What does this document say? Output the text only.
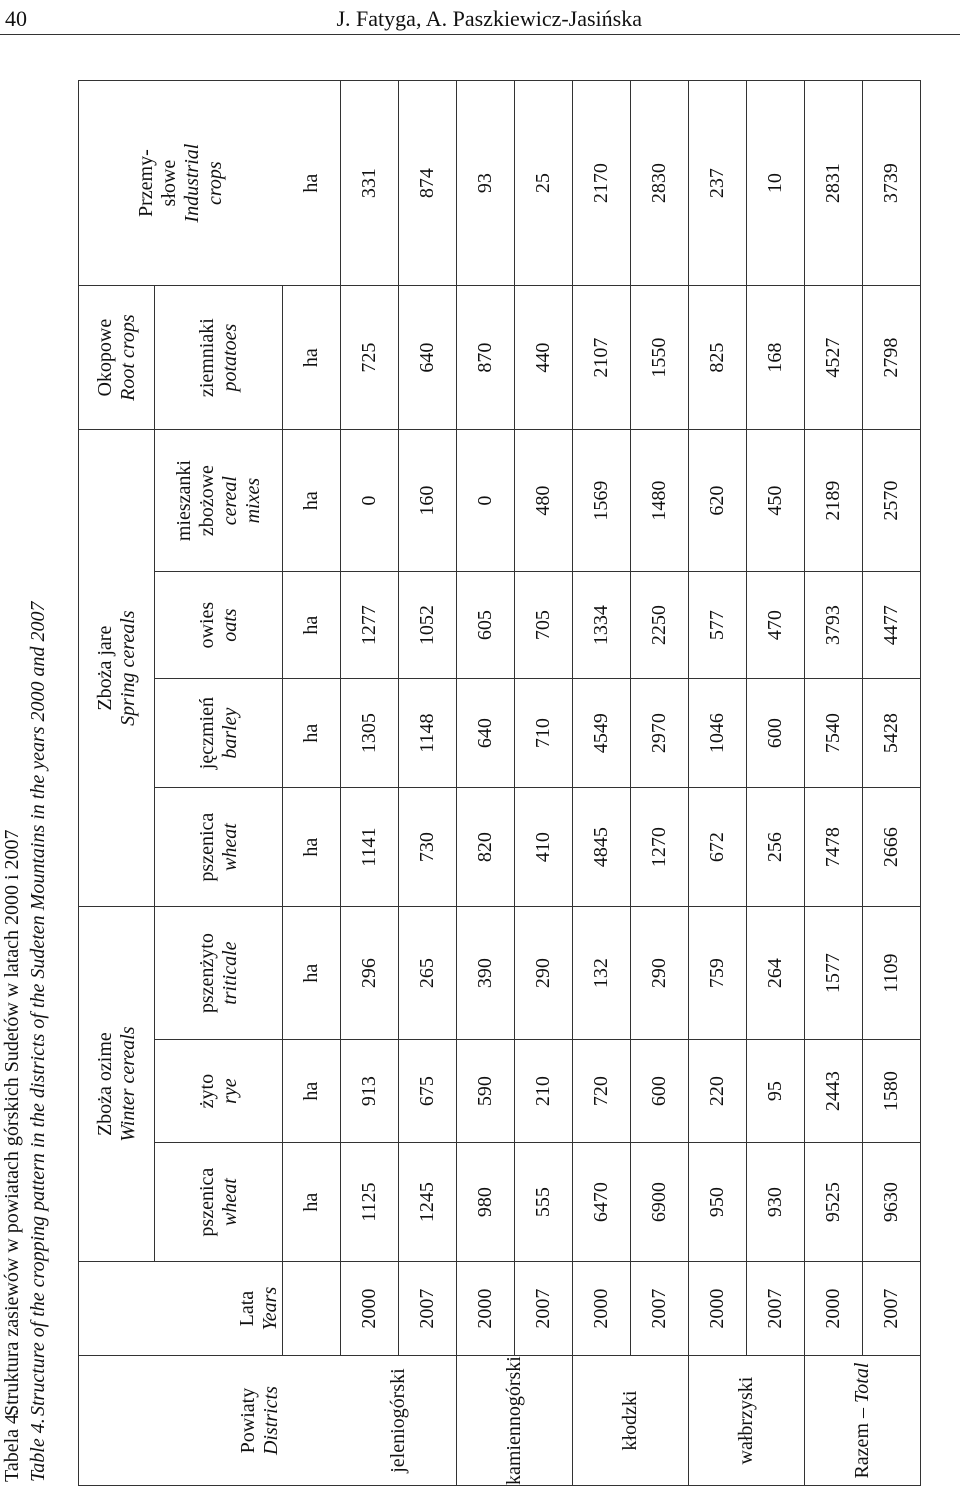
40	J. Fatyga, A. Paszkiewicz-Jasińska
Tabela 4.Struktura zasiewów w powiatach górskich Sudetów w latach 2000 i 2007
Table 4.Structure of the cropping pattern in the districts of the Sudeten Mountains in the years 2000 and 2007
Powiaty Districts	Lata Years	Zboża ozime Winter cereals			Zboża jare Spring cereals				Okopowe Root crops	Przemy- słowe Industrial crops

		pszenica wheat	żyto rye	pszenżyto triticale	pszenica wheat	jęczmień barley	owies oats	mieszanki zbożowe cereal mixes	ziemniaki potatoes	

		ha	ha	ha	ha	ha	ha	ha	ha	ha
jeleniogórski	2000	1125	913	296	1141	1305	1277	0	725	331
	2007	1245	675	265	730	1148	1052	160	640	874
kamiennogórski	2000	980	590	390	820	640	605	0	870	93
	2007	555	210	290	410	710	705	480	440	25
kłodzki	2000	6470	720	132	4845	4549	1334	1569	2107	2170
	2007	6900	600	290	1270	2970	2250	1480	1550	2830
wałbrzyski	2000	950	220	759	672	1046	577	620	825	237
	2007	930	95	264	256	600	470	450	168	10
Razem – Total	2000	9525	2443	1577	7478	7540	3793	2189	4527	2831
	2007	9630	1580	1109	2666	5428	4477	2570	2798	3739
